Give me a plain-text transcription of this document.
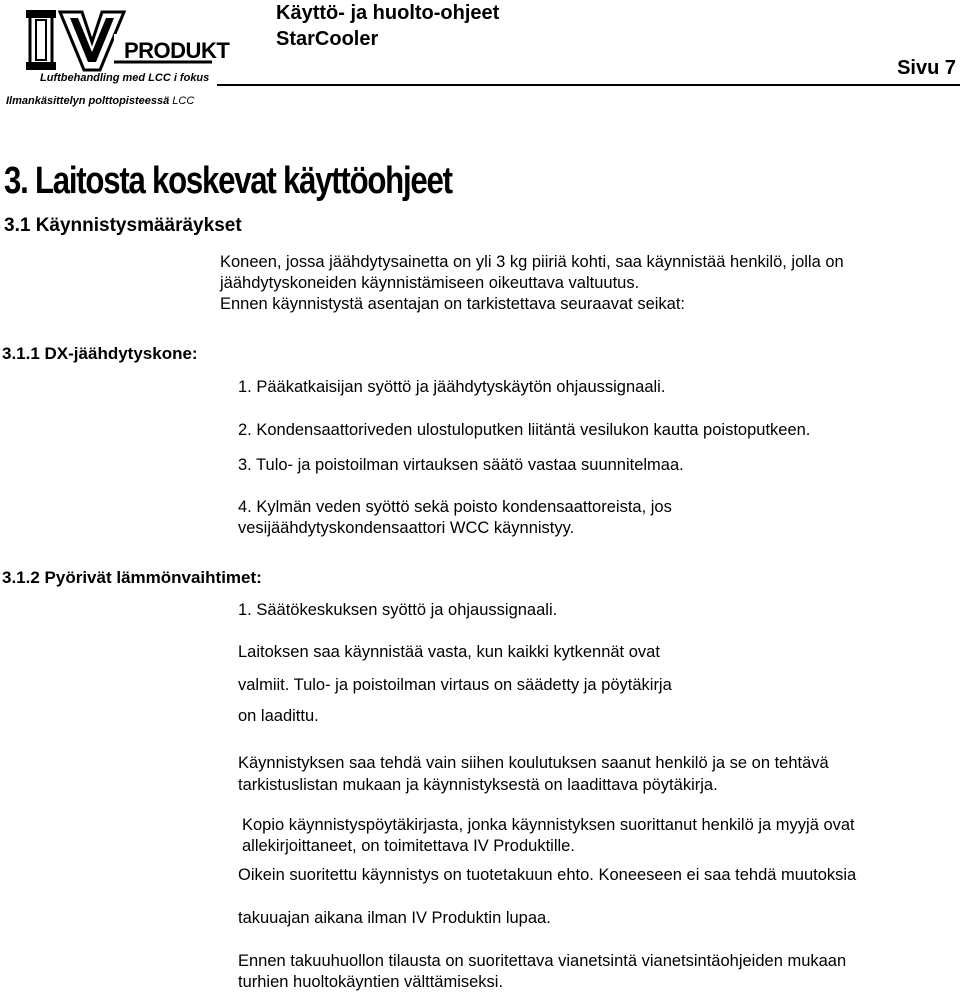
PRODUKT
Luftbehandling med LCC i fokus
Ilmankäsittelyn polttopisteessä LCC
Käyttö- ja huolto-ohjeet
StarCooler
Sivu 7
3. Laitosta koskevat käyttöohjeet
3.1 Käynnistysmääräykset
Koneen, jossa jäähdytysainetta on yli 3 kg piiriä kohti, saa käynnistää henkilö, jolla on
jäähdytyskoneiden käynnistämiseen oikeuttava valtuutus.
Ennen käynnistystä asentajan on tarkistettava seuraavat seikat:
3.1.1 DX-jäähdytyskone:
1. Pääkatkaisijan syöttö ja jäähdytyskäytön ohjaussignaali.
2. Kondensaattoriveden ulostuloputken liitäntä vesilukon kautta poistoputkeen.
3. Tulo- ja poistoilman virtauksen säätö vastaa suunnitelmaa.
4. Kylmän veden syöttö sekä poisto kondensaattoreista, jos
vesijäähdytyskondensaattori WCC käynnistyy.
3.1.2 Pyörivät lämmönvaihtimet:
1. Säätökeskuksen syöttö ja ohjaussignaali.
Laitoksen saa käynnistää vasta, kun kaikki kytkennät ovat
valmiit. Tulo- ja poistoilman virtaus on säädetty ja pöytäkirja
on laadittu.
Käynnistyksen saa tehdä vain siihen koulutuksen saanut henkilö ja se on tehtävä
tarkistuslistan mukaan ja käynnistyksestä on laadittava pöytäkirja.
Kopio käynnistyspöytäkirjasta, jonka käynnistyksen suorittanut henkilö ja myyjä ovat
allekirjoittaneet, on toimitettava IV Produktille.
Oikein suoritettu käynnistys on tuotetakuun ehto. Koneeseen ei saa tehdä muutoksia
takuuajan aikana ilman IV Produktin lupaa.
Ennen takuuhuollon tilausta on suoritettava vianetsintä vianetsintäohjeiden mukaan
turhien huoltokäyntien välttämiseksi.
